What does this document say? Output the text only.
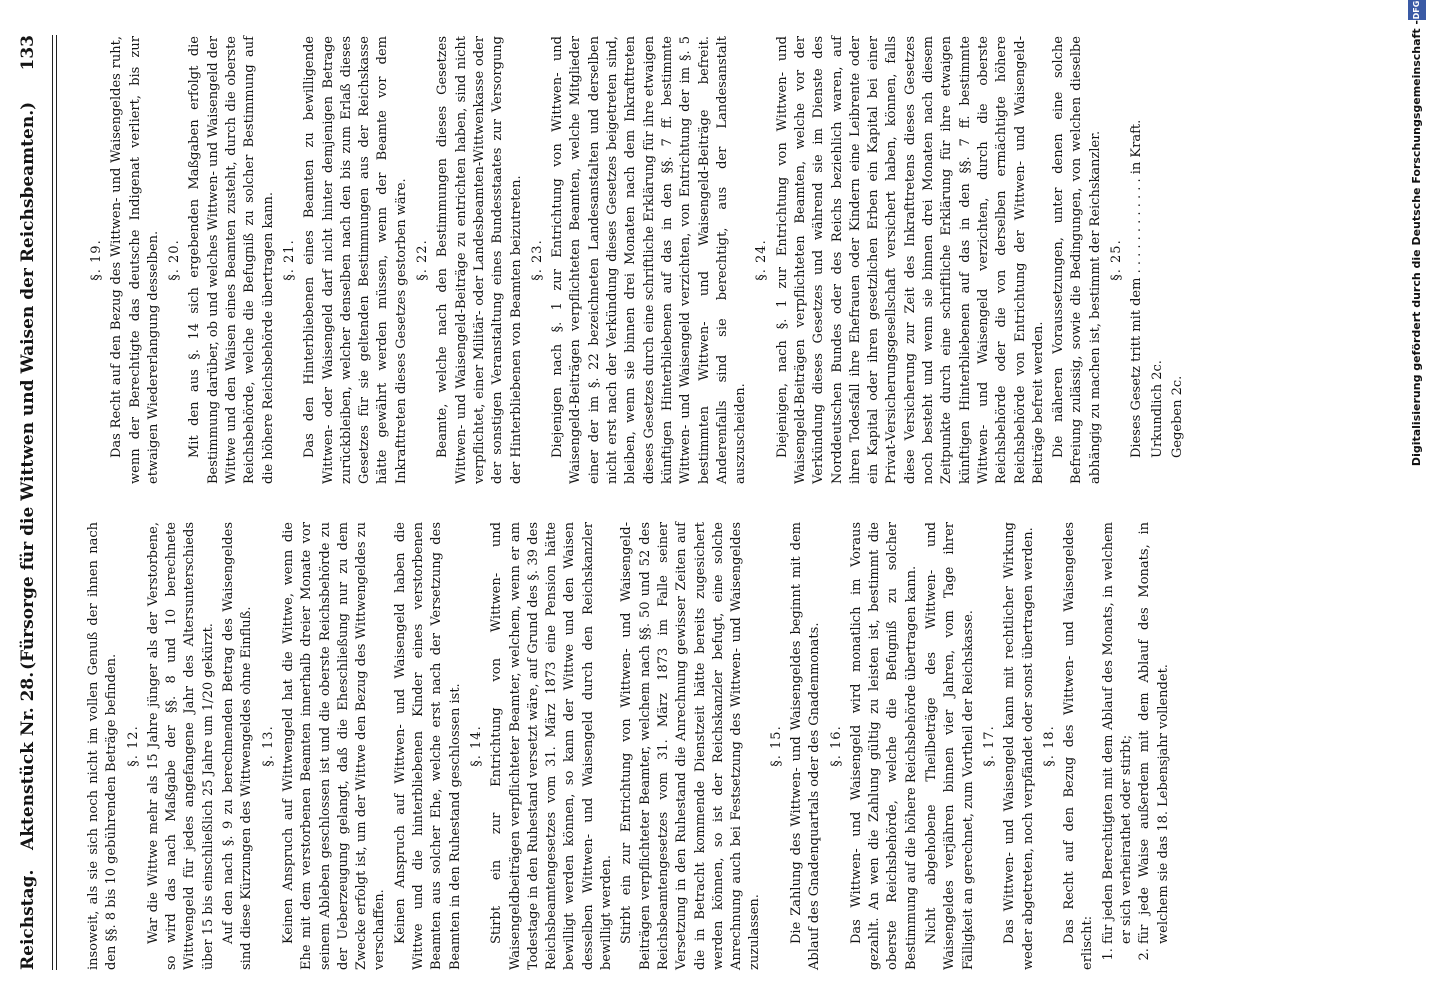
Reichstag.
Aktenstück Nr. 28.
(Fürsorge für die Wittwen und Waisen der Reichsbeamten.)
133

insoweit, als sie sich noch nicht im vollen Genuß der ihnen nach den §§. 8 bis 10 gebührenden Beträge befinden. §. 12. War die Wittwe mehr als 15 Jahre jünger als der Verstorbene, so wird das nach Maßgabe der §§. 8 und 10 berechnete Wittwengeld für jedes angefangene Jahr des Altersunterschieds über 15 bis einschließlich 25 Jahre um 1/20 gekürzt. Auf den nach §. 9 zu berechnenden Betrag des Waisengeldes sind diese Kürzungen des Wittwengeldes ohne Einfluß. §. 13. Keinen Anspruch auf Wittwengeld hat die Wittwe, wenn die Ehe mit dem verstorbenen Beamten innerhalb dreier Monate vor seinem Ableben geschlossen ist und die oberste Reichsbehörde zu der Ueberzeugung gelangt, daß die Eheschließung nur zu dem Zwecke erfolgt ist, um der Wittwe den Bezug des Wittwengeldes zu verschaffen. Keinen Anspruch auf Wittwen- und Waisengeld haben die Wittwe und die hinterbliebenen Kinder eines verstorbenen Beamten aus solcher Ehe, welche erst nach der Versetzung des Beamten in den Ruhestand geschlossen ist. §. 14. Stirbt ein zur Entrichtung von Wittwen- und Waisengeldbeiträgen verpflichteter Beamter, welchem, wenn er am Todestage in den Ruhestand versetzt wäre, auf Grund des §. 39 des Reichsbeamtengesetzes vom 31. März 1873 eine Pension hätte bewilligt werden können, so kann der Wittwe und den Waisen desselben Wittwen- und Waisengeld durch den Reichskanzler bewilligt werden. Stirbt ein zur Entrichtung von Wittwen- und Waisengeld-Beiträgen verpflichteter Beamter, welchem nach §§. 50 und 52 des Reichsbeamtengesetzes vom 31. März 1873 im Falle seiner Versetzung in den Ruhestand die Anrechnung gewisser Zeiten auf die in Betracht kommende Dienstzeit hätte bereits zugesichert werden können, so ist der Reichskanzler befugt, eine solche Anrechnung auch bei Festsetzung des Wittwen- und Waisengeldes zuzulassen.

§. 15. Die Zahlung des Wittwen- und Waisengeldes beginnt mit dem Ablauf des Gnadenquartals oder des Gnadenmonats. §. 16. Das Wittwen- und Waisengeld wird monatlich im Voraus gezahlt. An wen die Zahlung gültig zu leisten ist, bestimmt die oberste Reichsbehörde, welche die Befugniß zu solcher Bestimmung auf die höhere Reichsbehörde übertragen kann. Nicht abgehobene Theilbeträge des Wittwen- und Waisengeldes verjähren binnen vier Jahren, vom Tage ihrer Fälligkeit an gerechnet, zum Vortheil der Reichskasse. §. 17. Das Wittwen- und Waisengeld kann mit rechtlicher Wirkung weder abgetreten, noch verpfändet oder sonst übertragen werden. §. 18. Das Recht auf den Bezug des Wittwen- und Waisengeldes erlischt: 1. für jeden Berechtigten mit dem Ablauf des Monats, in welchem er sich verheirathet oder stirbt; 2. für jede Waise außerdem mit dem Ablauf des Monats, in welchem sie das 18. Lebensjahr vollendet.
§. 19. Das Recht auf den Bezug des Wittwen- und Waisengeldes ruht, wenn der Berechtigte das deutsche Indigenat verliert, bis zur etwaigen Wiedererlangung desselben. §. 20. Mit den aus §. 14 sich ergebenden Maßgaben erfolgt die Bestimmung darüber, ob und welches Wittwen- und Waisengeld der Wittwe und den Waisen eines Beamten zusteht, durch die oberste Reichsbehörde, welche die Befugniß zu solcher Bestimmung auf die höhere Reichsbehörde übertragen kann. §. 21. Das den Hinterbliebenen eines Beamten zu bewilligende Wittwen- oder Waisengeld darf nicht hinter demjenigen Betrage zurückbleiben, welcher denselben nach den bis zum Erlaß dieses Gesetzes für sie geltenden Bestimmungen aus der Reichskasse hätte gewährt werden müssen, wenn der Beamte vor dem Inkrafttreten dieses Gesetzes gestorben wäre. §. 22. Beamte, welche nach den Bestimmungen dieses Gesetzes Wittwen- und Waisengeld-Beiträge zu entrichten haben, sind nicht verpflichtet, einer Militär- oder Landesbeamten-Wittwenkasse oder der sonstigen Veranstaltung eines Bundesstaates zur Versorgung der Hinterbliebenen von Beamten beizutreten. §. 23. Diejenigen nach §. 1 zur Entrichtung von Wittwen- und Waisengeld-Beiträgen verpflichteten Beamten, welche Mitglieder einer der im §. 22 bezeichneten Landesanstalten und derselben nicht erst nach der Verkündung dieses Gesetzes beigetreten sind, bleiben, wenn sie binnen drei Monaten nach dem Inkrafttreten dieses Gesetzes durch eine schriftliche Erklärung für ihre etwaigen künftigen Hinterbliebenen auf das in den §§. 7 ff. bestimmte Wittwen- und Waisengeld verzichten, von Entrichtung der im §. 5 bestimmten Wittwen- und Waisengeld-Beiträge befreit. Anderenfalls sind sie berechtigt, aus der Landesanstalt auszuscheiden.

§. 24. Diejenigen, nach §. 1 zur Entrichtung von Wittwen- und Waisengeld-Beiträgen verpflichteten Beamten, welche vor der Verkündung dieses Gesetzes und während sie im Dienste des Norddeutschen Bundes oder des Reichs beziehlich waren, auf ihren Todesfall ihre Ehefrauen oder Kindern eine Leibrente oder ein Kapital oder ihren gesetzlichen Erben ein Kapital bei einer Privat-Versicherungsgesellschaft versichert haben, können, falls diese Versicherung zur Zeit des Inkrafttretens dieses Gesetzes noch besteht und wenn sie binnen drei Monaten nach diesem Zeitpunkte durch eine schriftliche Erklärung für ihre etwaigen künftigen Hinterbliebenen auf das in den §§. 7 ff. bestimmte Wittwen- und Waisengeld verzichten, durch die oberste Reichsbehörde oder die von derselben ermächtigte höhere Reichsbehörde von Entrichtung der Wittwen- und Waisengeld-Beiträge befreit werden. Die näheren Voraussetzungen, unter denen eine solche Befreiung zulässig, sowie die Bedingungen, von welchen dieselbe abhängig zu machen ist, bestimmt der Reichskanzler. §. 25. Dieses Gesetz tritt mit dem . . . . . . . . . . . . in Kraft. Urkundlich 2c. Gegeben 2c.	Digitalisierung gefördert durch die Deutsche Forschungsgemeinschaft -
DFG
